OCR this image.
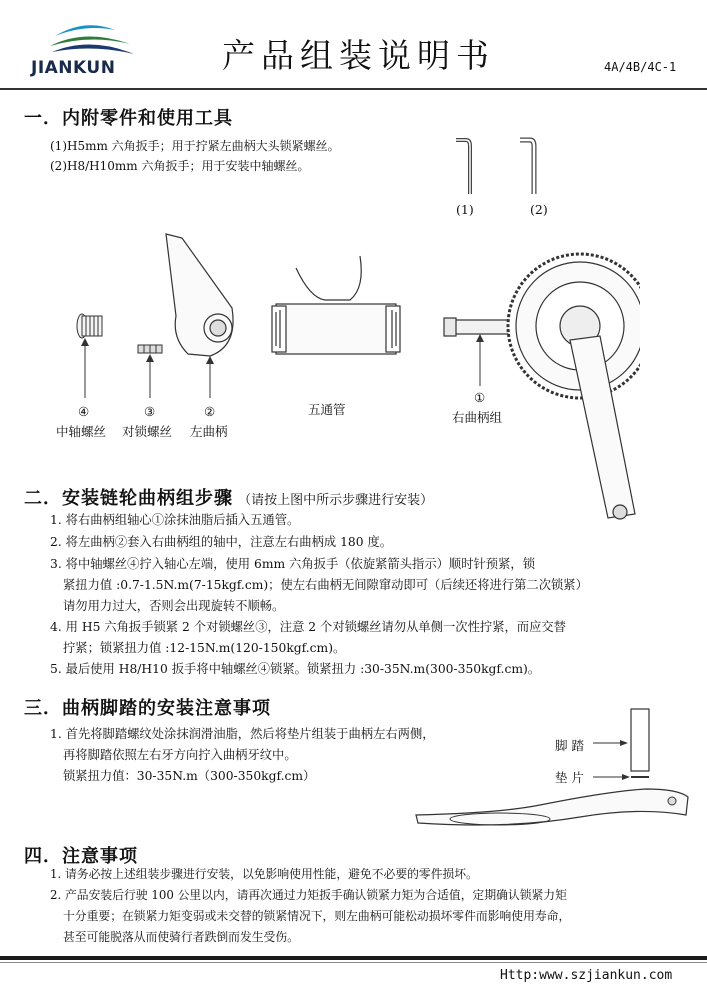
JIANKUN	产品组装说明书	4A/4B/4C-1
一．内附零件和使用工具
(1)H5mm 六角扳手；用于拧紧左曲柄大头锁紧螺丝。
(2)H8/H10mm 六角扳手；用于安装中轴螺丝。
(1)	(2)
④
中轴螺丝
③
对锁螺丝
②
左曲柄
五通管
①
右曲柄组
二．安装链轮曲柄组步骤 （请按上图中所示步骤进行安装）
1. 将右曲柄组轴心①涂抹油脂后插入五通管。
2. 将左曲柄②套入右曲柄组的轴中，注意左右曲柄成 180 度。
3. 将中轴螺丝④拧入轴心左端，使用 6mm 六角扳手（依旋紧箭头指示）顺时针预紧，锁
紧扭力值 :0.7-1.5N.m(7-15kgf.cm)；使左右曲柄无间隙窜动即可（后续还将进行第二次锁紧）
请勿用力过大，否则会出现旋转不顺畅。
4. 用 H5 六角扳手锁紧 2 个对锁螺丝③，注意 2 个对锁螺丝请勿从单侧一次性拧紧，而应交替
拧紧；锁紧扭力值 :12-15N.m(120-150kgf.cm)。
5. 最后使用 H8/H10 扳手将中轴螺丝④锁紧。锁紧扭力 :30-35N.m(300-350kgf.cm)。
三．曲柄脚踏的安装注意事项
1. 首先将脚踏螺纹处涂抹润滑油脂，然后将垫片组装于曲柄左右两侧，
再将脚踏依照左右牙方向拧入曲柄牙纹中。
锁紧扭力值：30-35N.m（300-350kgf.cm）
脚 踏
垫 片
四．注意事项
1. 请务必按上述组装步骤进行安装，以免影响使用性能，避免不必要的零件损坏。
2. 产品安装后行驶 100 公里以内，请再次通过力矩扳手确认锁紧力矩为合适值，定期确认锁紧力矩
十分重要；在锁紧力矩变弱或未交替的锁紧情况下，则左曲柄可能松动损坏零件而影响使用寿命，
甚至可能脱落从而使骑行者跌倒而发生受伤。
Http:www.szjiankun.com
